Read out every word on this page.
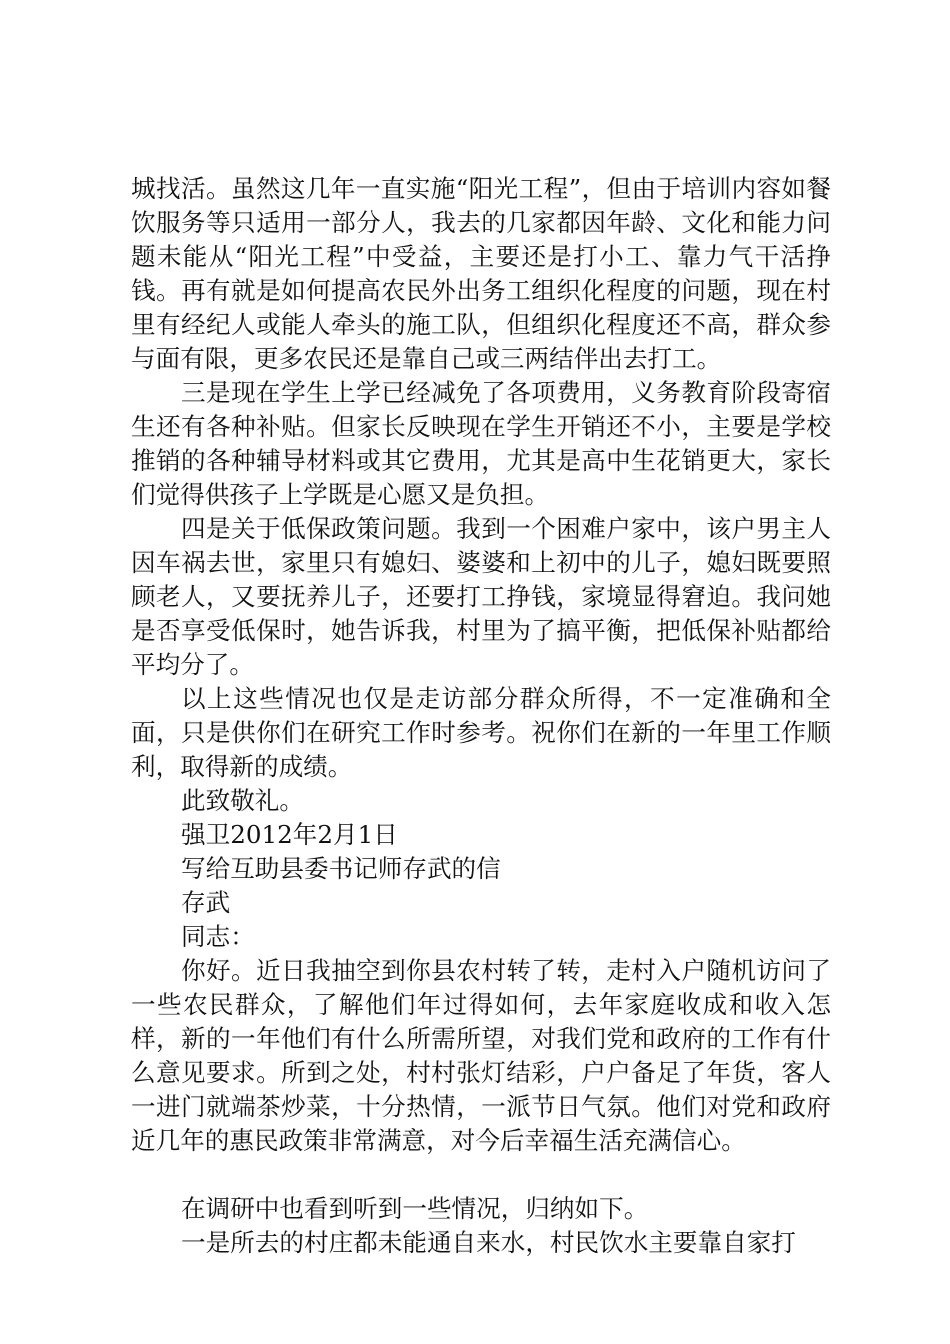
城找活。虽然这几年一直实施“阳光工程”，但由于培训内容如餐饮服务等只适用一部分人，我去的几家都因年龄、文化和能力问题未能从“阳光工程”中受益，主要还是打小工、靠力气干活挣钱。再有就是如何提高农民外出务工组织化程度的问题，现在村里有经纪人或能人牵头的施工队，但组织化程度还不高，群众参与面有限，更多农民还是靠自己或三两结伴出去打工。

三是现在学生上学已经减免了各项费用，义务教育阶段寄宿生还有各种补贴。但家长反映现在学生开销还不小，主要是学校推销的各种辅导材料或其它费用，尤其是高中生花销更大，家长们觉得供孩子上学既是心愿又是负担。

四是关于低保政策问题。我到一个困难户家中，该户男主人因车祸去世，家里只有媳妇、婆婆和上初中的儿子，媳妇既要照顾老人，又要抚养儿子，还要打工挣钱，家境显得窘迫。我问她是否享受低保时，她告诉我，村里为了搞平衡，把低保补贴都给平均分了。

以上这些情况也仅是走访部分群众所得，不一定准确和全面，只是供你们在研究工作时参考。祝你们在新的一年里工作顺利，取得新的成绩。

此致敬礼。

强卫2012年2月1日

写给互助县委书记师存武的信

存武

同志：

你好。近日我抽空到你县农村转了转，走村入户随机访问了一些农民群众，了解他们年过得如何，去年家庭收成和收入怎样，新的一年他们有什么所需所望，对我们党和政府的工作有什么意见要求。所到之处，村村张灯结彩，户户备足了年货，客人一进门就端茶炒菜，十分热情，一派节日气氛。他们对党和政府近几年的惠民政策非常满意，对今后幸福生活充满信心。

在调研中也看到听到一些情况，归纳如下。

一是所去的村庄都未能通自来水，村民饮水主要靠自家打
